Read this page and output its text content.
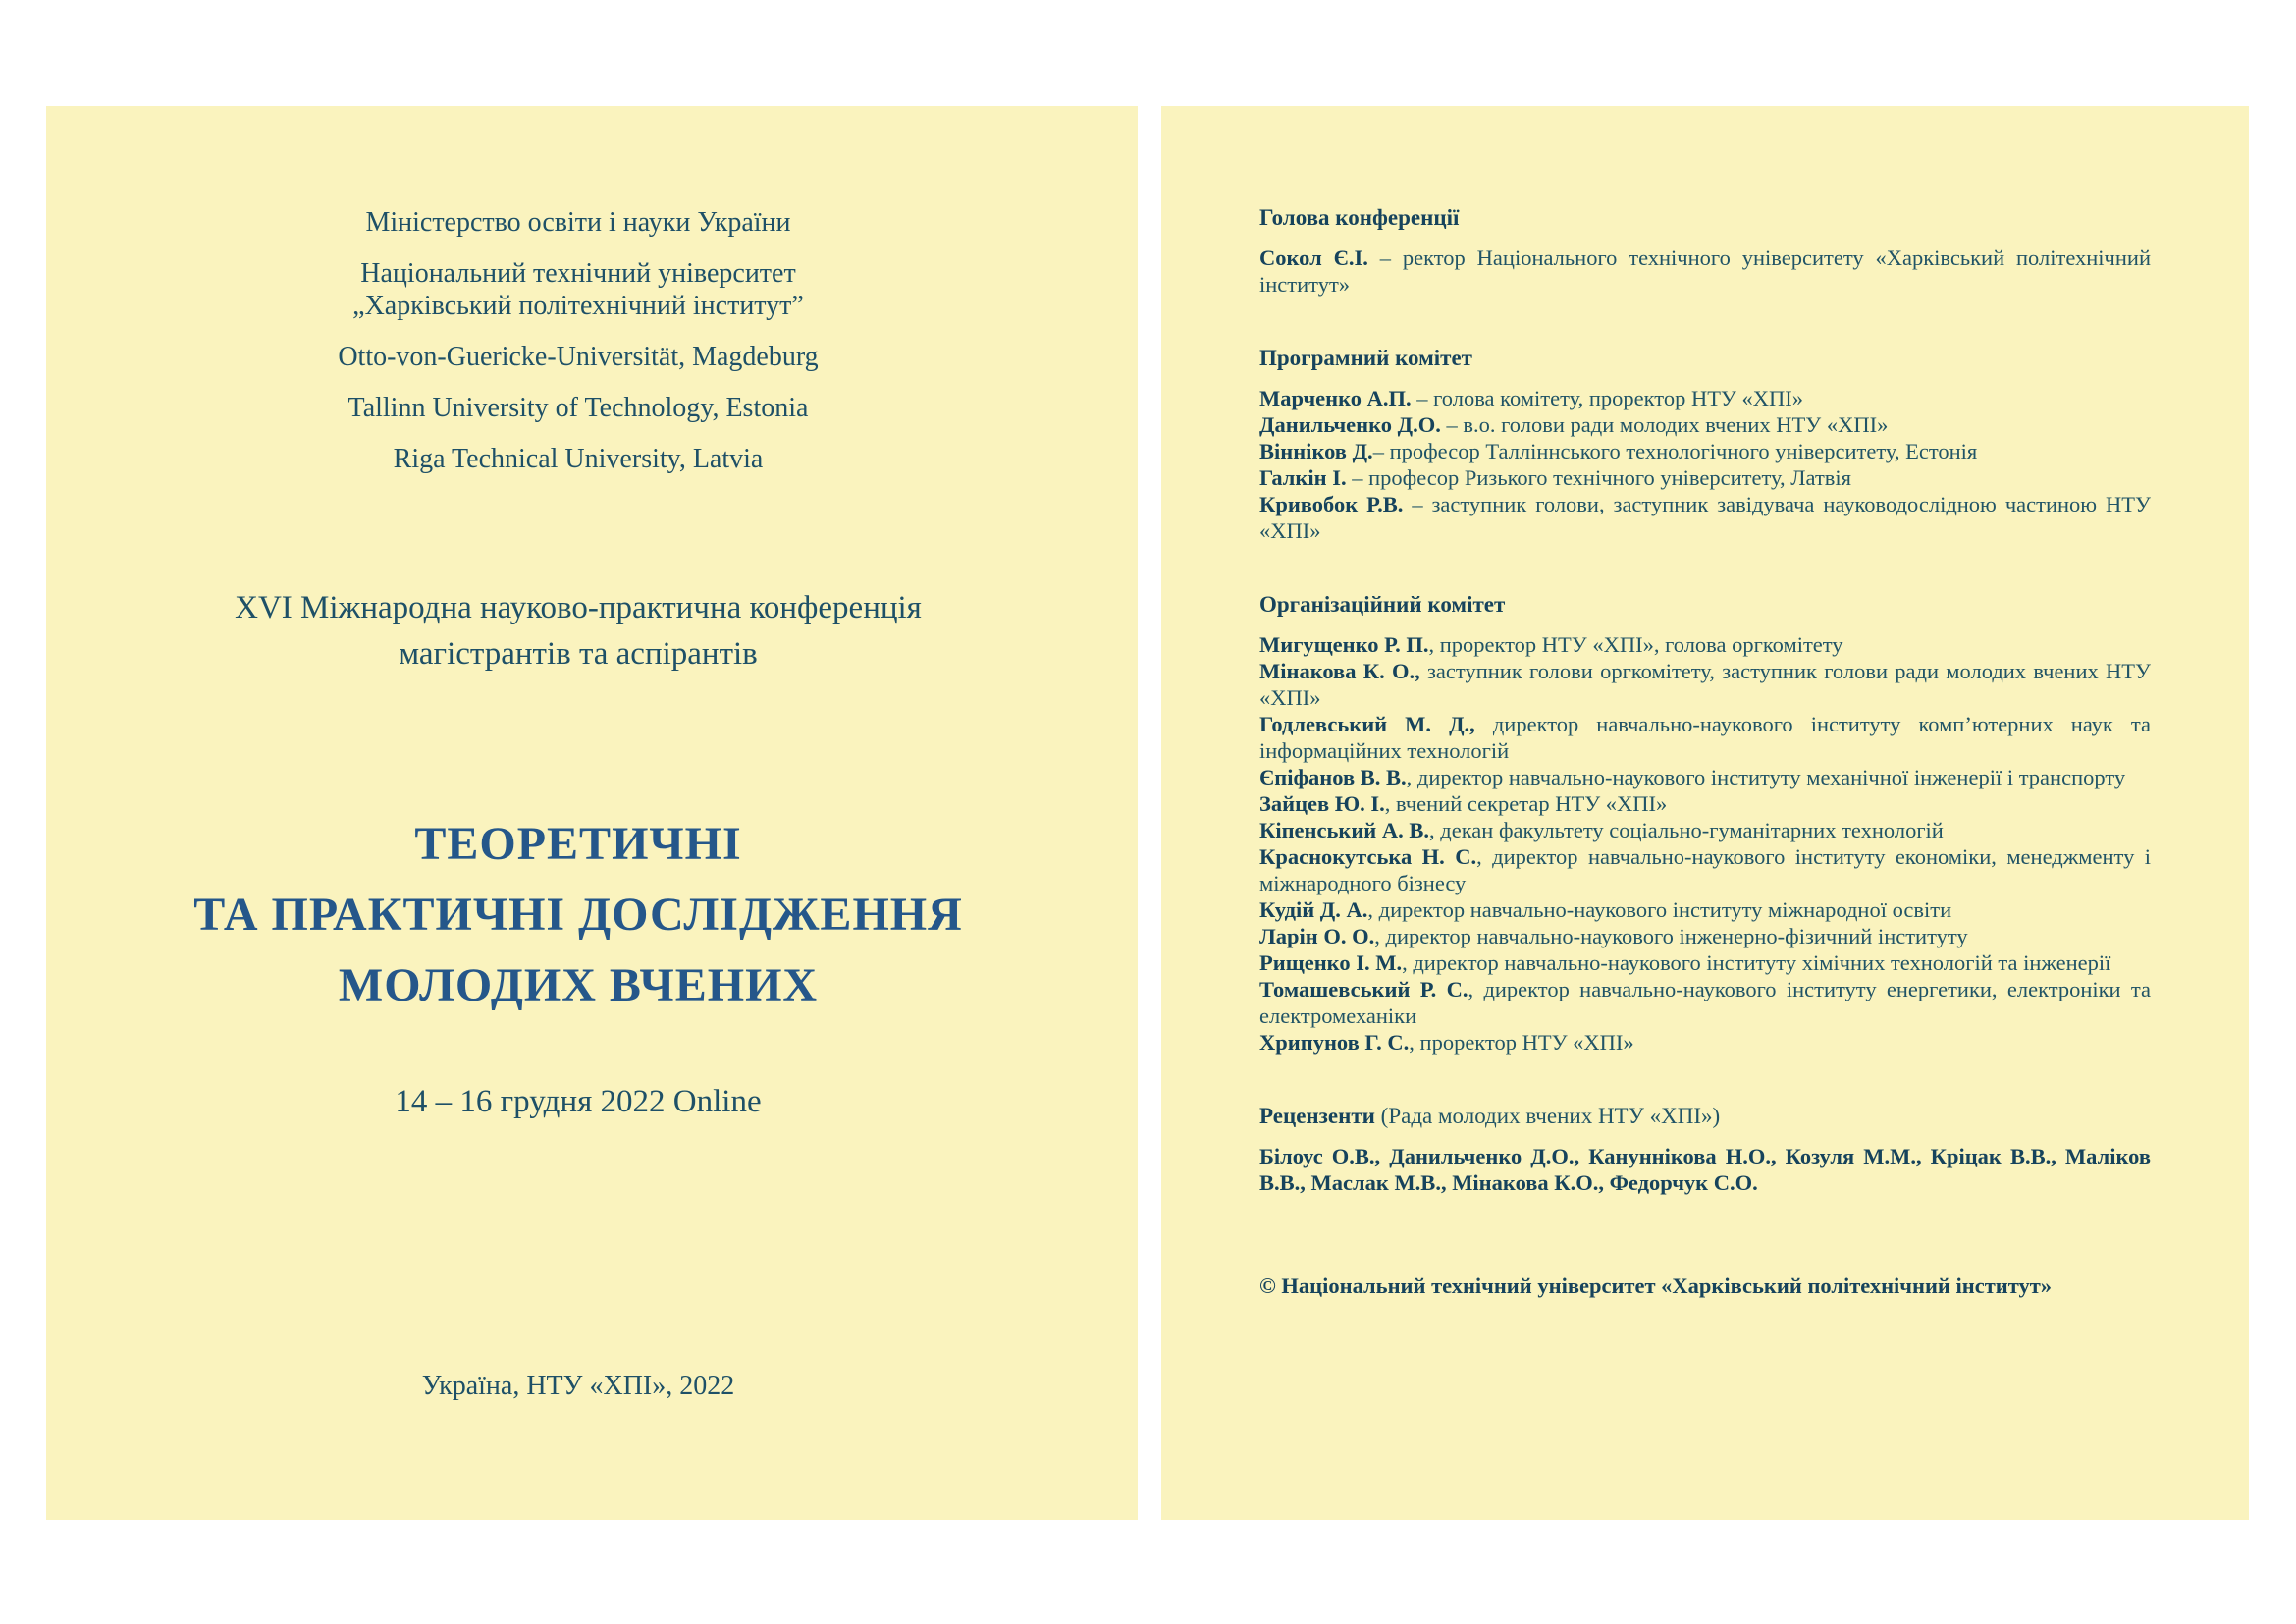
Міністерство освіти і науки України

Національний технічний університет
„Харківський політехнічний інститут”

Otto-von-Guericke-Universität, Magdeburg

Tallinn University of Technology, Estonia

Riga Technical University, Latvia

XVI Міжнародна науково-практична конференція
магістрантів та аспірантів

ТЕОРЕТИЧНІ
ТА ПРАКТИЧНІ ДОСЛІДЖЕННЯ
МОЛОДИХ ВЧЕНИХ

14 – 16 грудня 2022 Online

Україна, НТУ «ХПІ», 2022

Голова конференції

Сокол Є.І. – ректор Національного технічного університету «Харківський політехнічний інститут»

Програмний комітет

Марченко А.П. – голова комітету, проректор НТУ «ХПІ»

Данильченко Д.О. – в.о. голови ради молодих вчених НТУ «ХПІ»

Вінніков Д.– професор Талліннського технологічного університету, Естонія

Галкін І. – професор Ризького технічного університету, Латвія

Кривобок Р.В. – заступник голови, заступник завідувача науководослідною частиною НТУ «ХПІ»

Організаційний комітет

Мигущенко Р. П., проректор НТУ «ХПІ», голова оргкомітету

Мінакова К. О., заступник голови оргкомітету, заступник голови ради молодих вчених НТУ «ХПІ»

Годлевський М. Д., директор навчально-наукового інституту комп’ютерних наук та інформаційних технологій

Єпіфанов В. В., директор навчально-наукового інституту механічної інженерії і транспорту

Зайцев Ю. І., вчений секретар НТУ «ХПІ»

Кіпенський А. В., декан факультету соціально-гуманітарних технологій

Краснокутська Н. С., директор навчально-наукового інституту економіки, менеджменту і міжнародного бізнесу

Кудій Д. А., директор навчально-наукового інституту міжнародної освіти

Ларін О. О., директор навчально-наукового інженерно-фізичний інституту

Рищенко І. М., директор навчально-наукового інституту хімічних технологій та інженерії

Томашевський Р. С., директор навчально-наукового інституту енергетики, електроніки та електромеханіки

Хрипунов Г. С., проректор НТУ «ХПІ»

Рецензенти (Рада молодих вчених НТУ «ХПІ»)

Білоус О.В., Данильченко Д.О., Кануннікова Н.О., Козуля М.М., Кріцак В.В., Маліков В.В., Маслак М.В., Мінакова К.О., Федорчук С.О.

© Національний технічний університет «Харківський політехнічний інститут»
